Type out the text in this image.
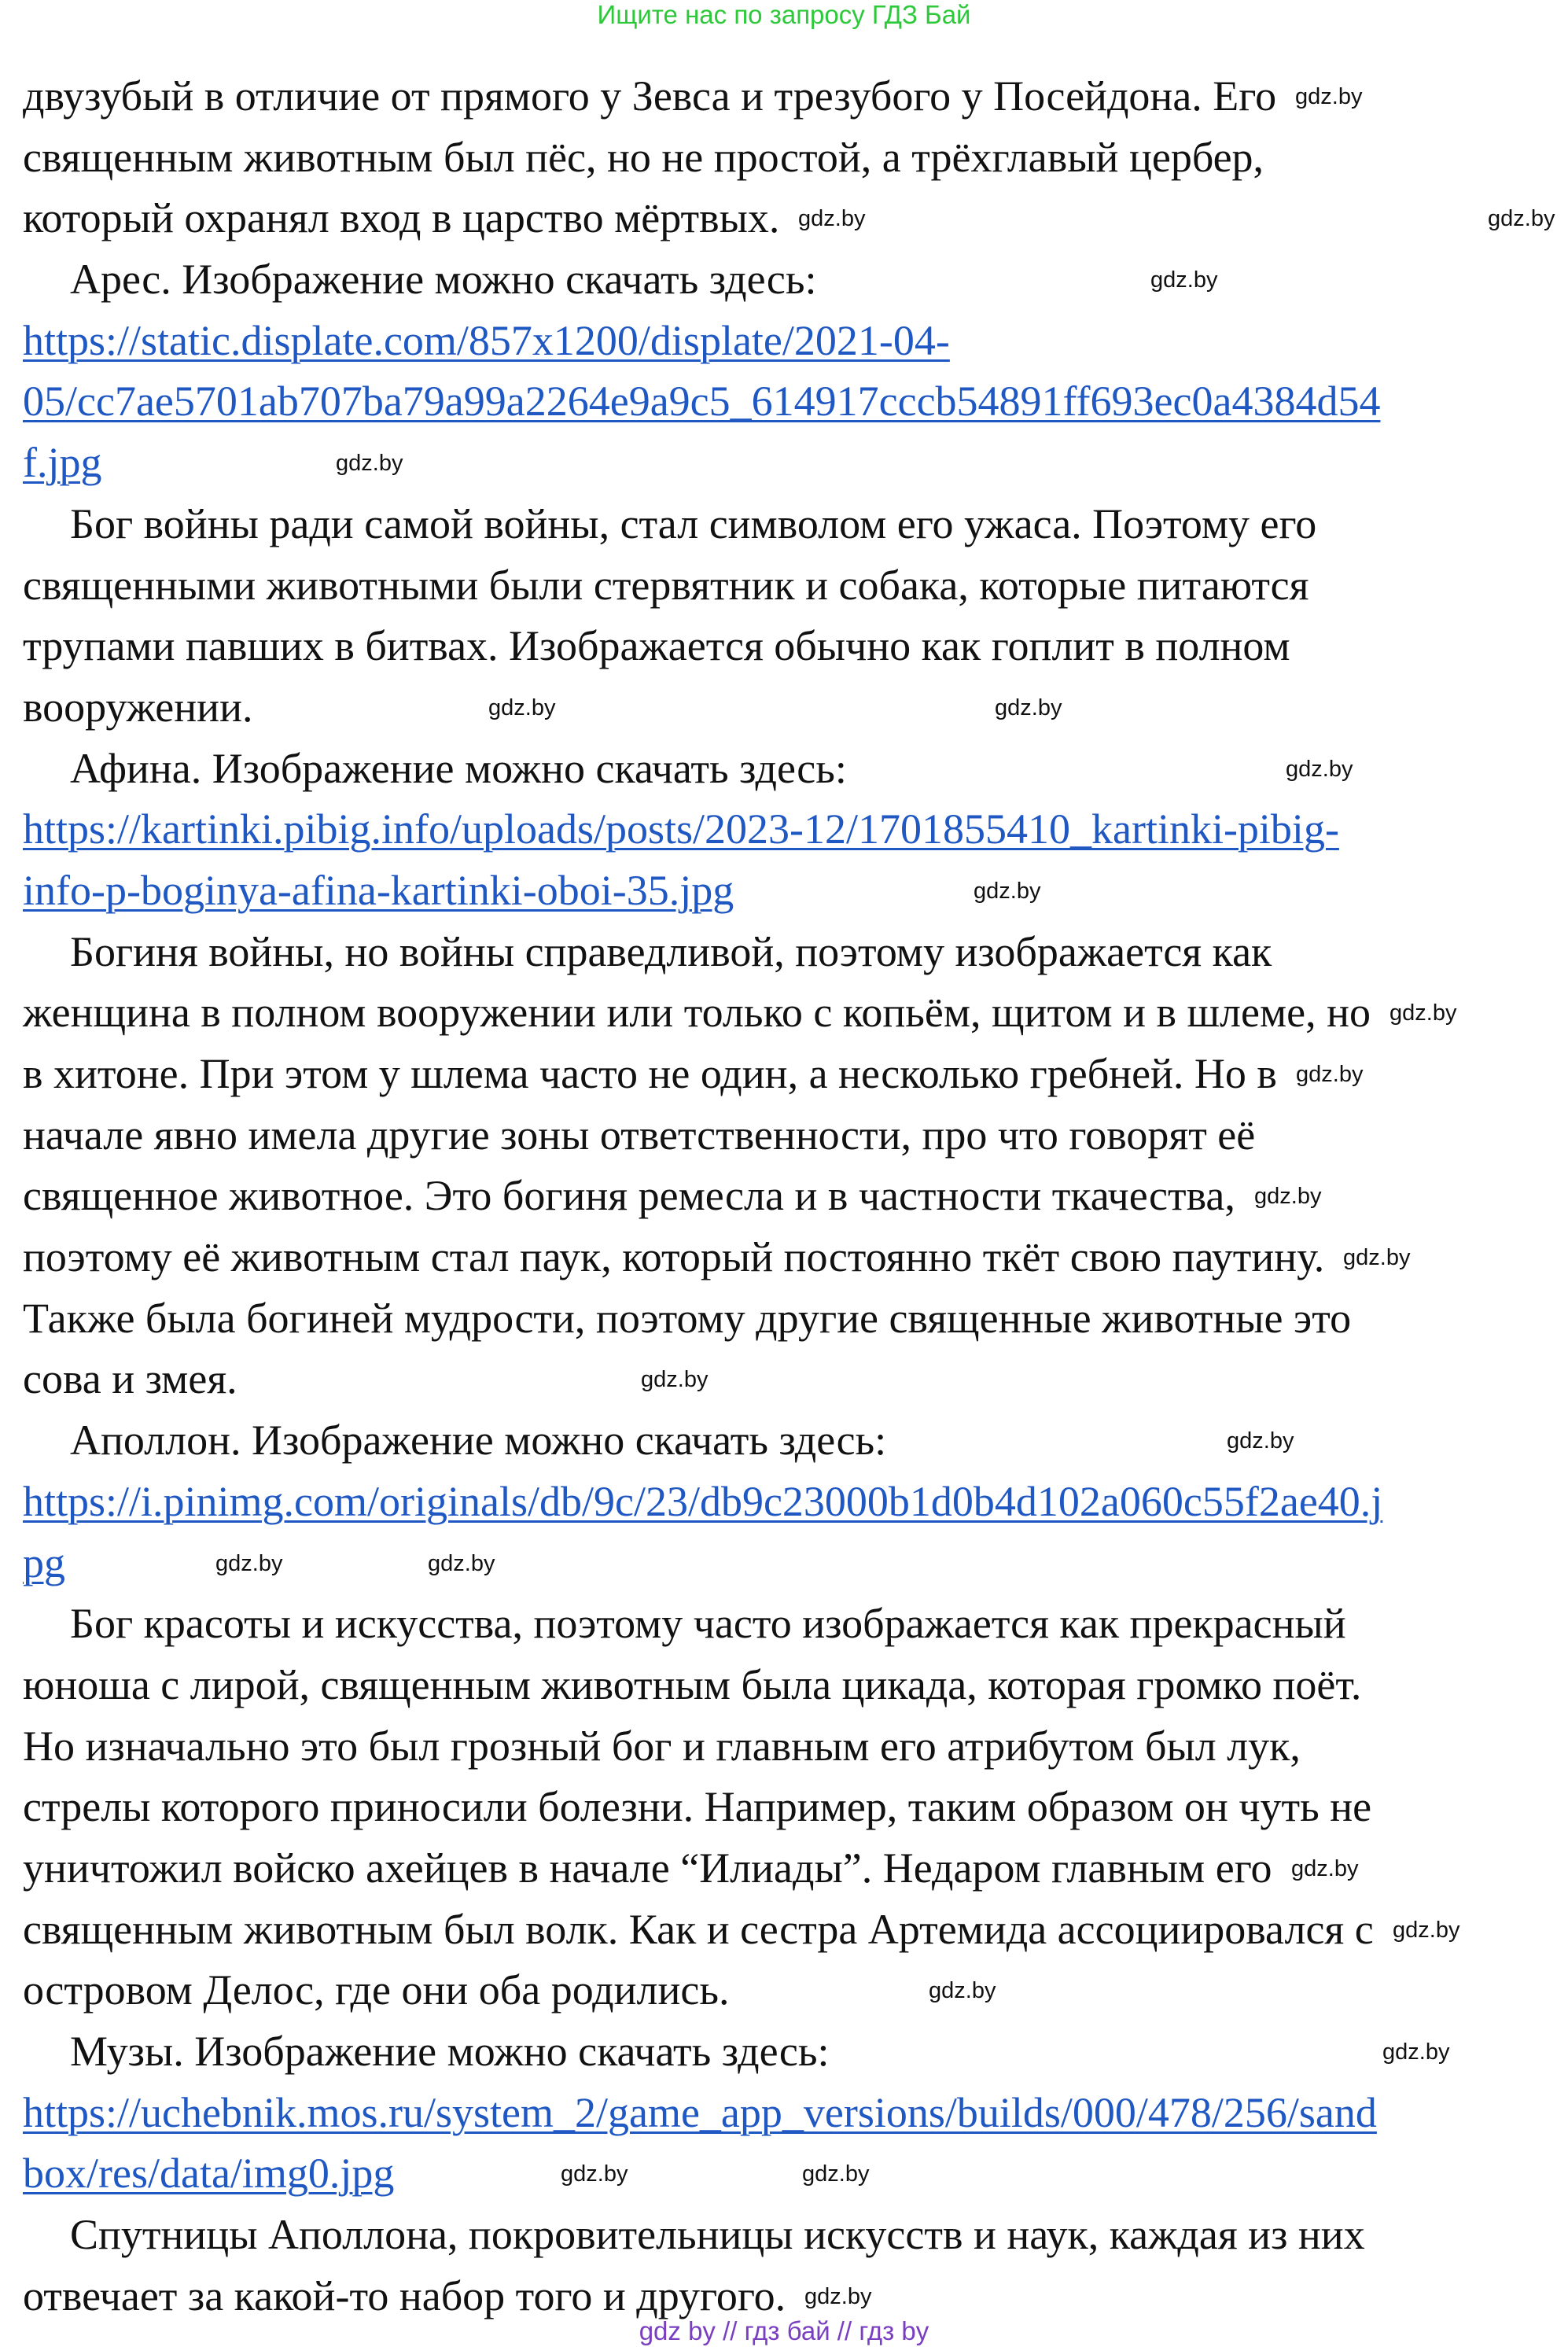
Ищите нас по запросу ГДЗ Бай
двузубый в отличие от прямого у Зевса и трезубого у Посейдона. Его
священным животным был пёс, но не простой, а трёхглавый цербер,
который охранял вход в царство мёртвых.
Арес. Изображение можно скачать здесь:
https://static.displate.com/857x1200/displate/2021-04-
05/cc7ae5701ab707ba79a99a2264e9a9c5_614917cccb54891ff693ec0a4384d54
f.jpg
Бог войны ради самой войны, стал символом его ужаса. Поэтому его
священными животными были стервятник и собака, которые питаются
трупами павших в битвах. Изображается обычно как гоплит в полном
вооружении.
Афина. Изображение можно скачать здесь:
https://kartinki.pibig.info/uploads/posts/2023-12/1701855410_kartinki-pibig-
info-p-boginya-afina-kartinki-oboi-35.jpg
Богиня войны, но войны справедливой, поэтому изображается как
женщина в полном вооружении или только с копьём, щитом и в шлеме, но
в хитоне. При этом у шлема часто не один, а несколько гребней. Но в
начале явно имела другие зоны ответственности, про что говорят её
священное животное. Это богиня ремесла и в частности ткачества,
поэтому её животным стал паук, который постоянно ткёт свою паутину.
Также была богиней мудрости, поэтому другие священные животные это
сова и змея.
Аполлон. Изображение можно скачать здесь:
https://i.pinimg.com/originals/db/9c/23/db9c23000b1d0b4d102a060c55f2ae40.j
pg
Бог красоты и искусства, поэтому часто изображается как прекрасный
юноша с лирой, священным животным была цикада, которая громко поёт.
Но изначально это был грозный бог и главным его атрибутом был лук,
стрелы которого приносили болезни. Например, таким образом он чуть не
уничтожил войско ахейцев в начале “Илиады”. Недаром главным его
священным животным был волк. Как и сестра Артемида ассоциировался с
островом Делос, где они оба родились.
Музы. Изображение можно скачать здесь:
https://uchebnik.mos.ru/system_2/game_app_versions/builds/000/478/256/sand
box/res/data/img0.jpg
Спутницы Аполлона, покровительницы искусств и наук, каждая из них
отвечает за какой-то набор того и другого.
gdz.by
gdz.by	gdz.by
gdz.by
gdz.by
gdz.by
gdz.by
gdz.by
gdz.by
gdz.by
gdz.by
gdz.by
gdz.by
gdz.by
gdz.by
gdz.by	gdz.by
gdz.by
gdz.by
gdz.by
gdz.by
gdz.by
gdz.by
gdz.by
gdz by // гдз бай // гдз by
